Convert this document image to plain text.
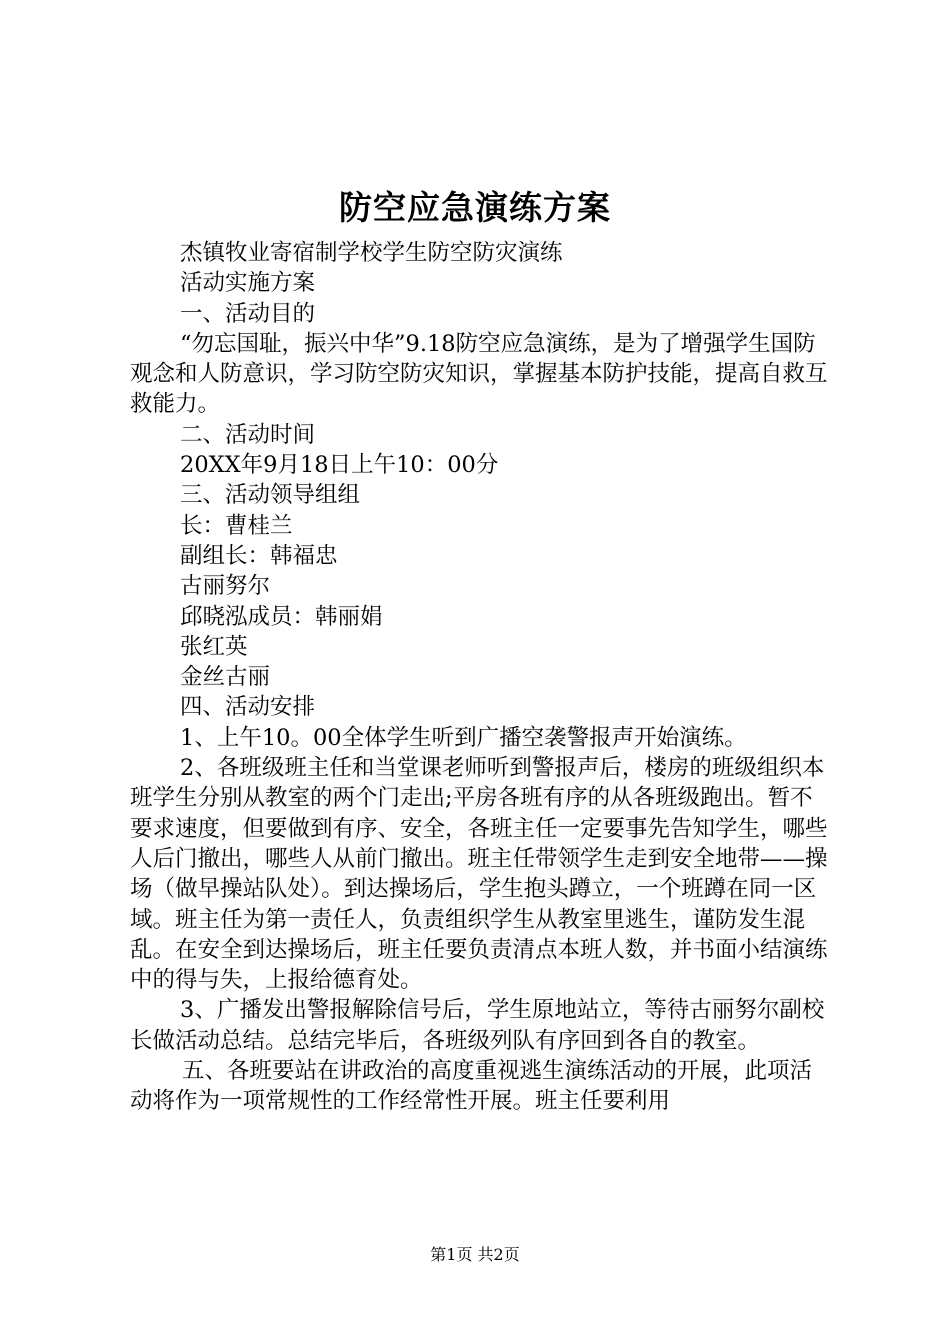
防空应急演练方案

杰镇牧业寄宿制学校学生防空防灾演练

活动实施方案

一、活动目的

“勿忘国耻，振兴中华”9.18防空应急演练，是为了增强学生国防观念和人防意识，学习防空防灾知识，掌握基本防护技能，提高自救互救能力。

二、活动时间

20XX年9月18日上午10：00分

三、活动领导组组

长：曹桂兰

副组长：韩福忠

古丽努尔

邱晓泓成员：韩丽娟

张红英

金丝古丽

四、活动安排

1、上午10。00全体学生听到广播空袭警报声开始演练。

2、各班级班主任和当堂课老师听到警报声后，楼房的班级组织本班学生分别从教室的两个门走出;平房各班有序的从各班级跑出。暂不要求速度，但要做到有序、安全，各班主任一定要事先告知学生，哪些人后门撤出，哪些人从前门撤出。班主任带领学生走到安全地带——操场（做早操站队处）。到达操场后，学生抱头蹲立，一个班蹲在同一区域。班主任为第一责任人，负责组织学生从教室里逃生，谨防发生混乱。在安全到达操场后，班主任要负责清点本班人数，并书面小结演练中的得与失，上报给德育处。

3、广播发出警报解除信号后，学生原地站立，等待古丽努尔副校长做活动总结。总结完毕后，各班级列队有序回到各自的教室。

五、各班要站在讲政治的高度重视逃生演练活动的开展，此项活动将作为一项常规性的工作经常性开展。班主任要利用

第1页 共2页
